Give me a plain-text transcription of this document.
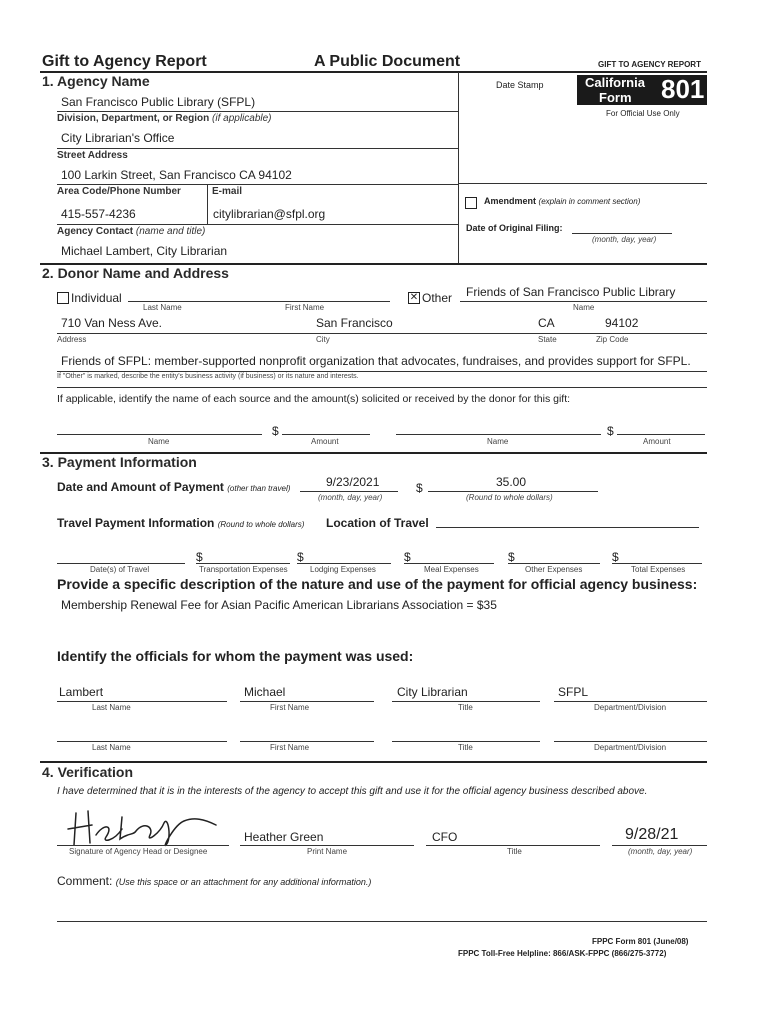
Gift to Agency Report	A Public Document	GIFT TO AGENCY REPORT
California
Form 801
For Official Use Only
Date Stamp
1. Agency Name
San Francisco Public Library (SFPL)
Division, Department, or Region (if applicable)
City Librarian's Office
Street Address
100 Larkin Street, San Francisco CA 94102
Area Code/Phone Number	E-mail
415-557-4236	citylibrarian@sfpl.org
Agency Contact (name and title)
Michael Lambert, City Librarian
Amendment (explain in comment section)
Date of Original Filing:
(month, day, year)
2. Donor Name and Address
Individual
Last Name	First Name
✕ Other Friends of San Francisco Public Library
Name
710 Van Ness Ave.	San Francisco	CA	94102
Address	City	State	Zip Code
Friends of SFPL: member-supported nonprofit organization that advocates, fundraises, and provides support for SFPL.
If "Other" is marked, describe the entity's business activity (if business) or its nature and interests.
If applicable, identify the name of each source and the amount(s) solicited or received by the donor for this gift:
$	$
Name	Amount	Name	Amount
3. Payment Information
Date and Amount of Payment (other than travel)	9/23/2021
(month, day, year)
$	35.00
(Round to whole dollars)
Travel Payment Information (Round to whole dollars) Location of Travel
$	$	$	$	$
Date(s) of Travel	Transportation Expenses	Lodging Expenses	Meal Expenses	Other Expenses	Total Expenses
Provide a specific description of the nature and use of the payment for official agency business:
Membership Renewal Fee for Asian Pacific American Librarians Association = $35
Identify the officials for whom the payment was used:
Lambert	Michael	City Librarian	SFPL
Last Name	First Name	Title	Department/Division
Last Name	First Name	Title	Department/Division
4. Verification
I have determined that it is in the interests of the agency to accept this gift and use it for the official agency business described above.
Heather Green	CFO	9/28/21
Signature of Agency Head or Designee	Print Name	Title	(month, day, year)
Comment: (Use this space or an attachment for any additional information.)
FPPC Form 801 (June/08)
FPPC Toll-Free Helpline: 866/ASK-FPPC (866/275-3772)
